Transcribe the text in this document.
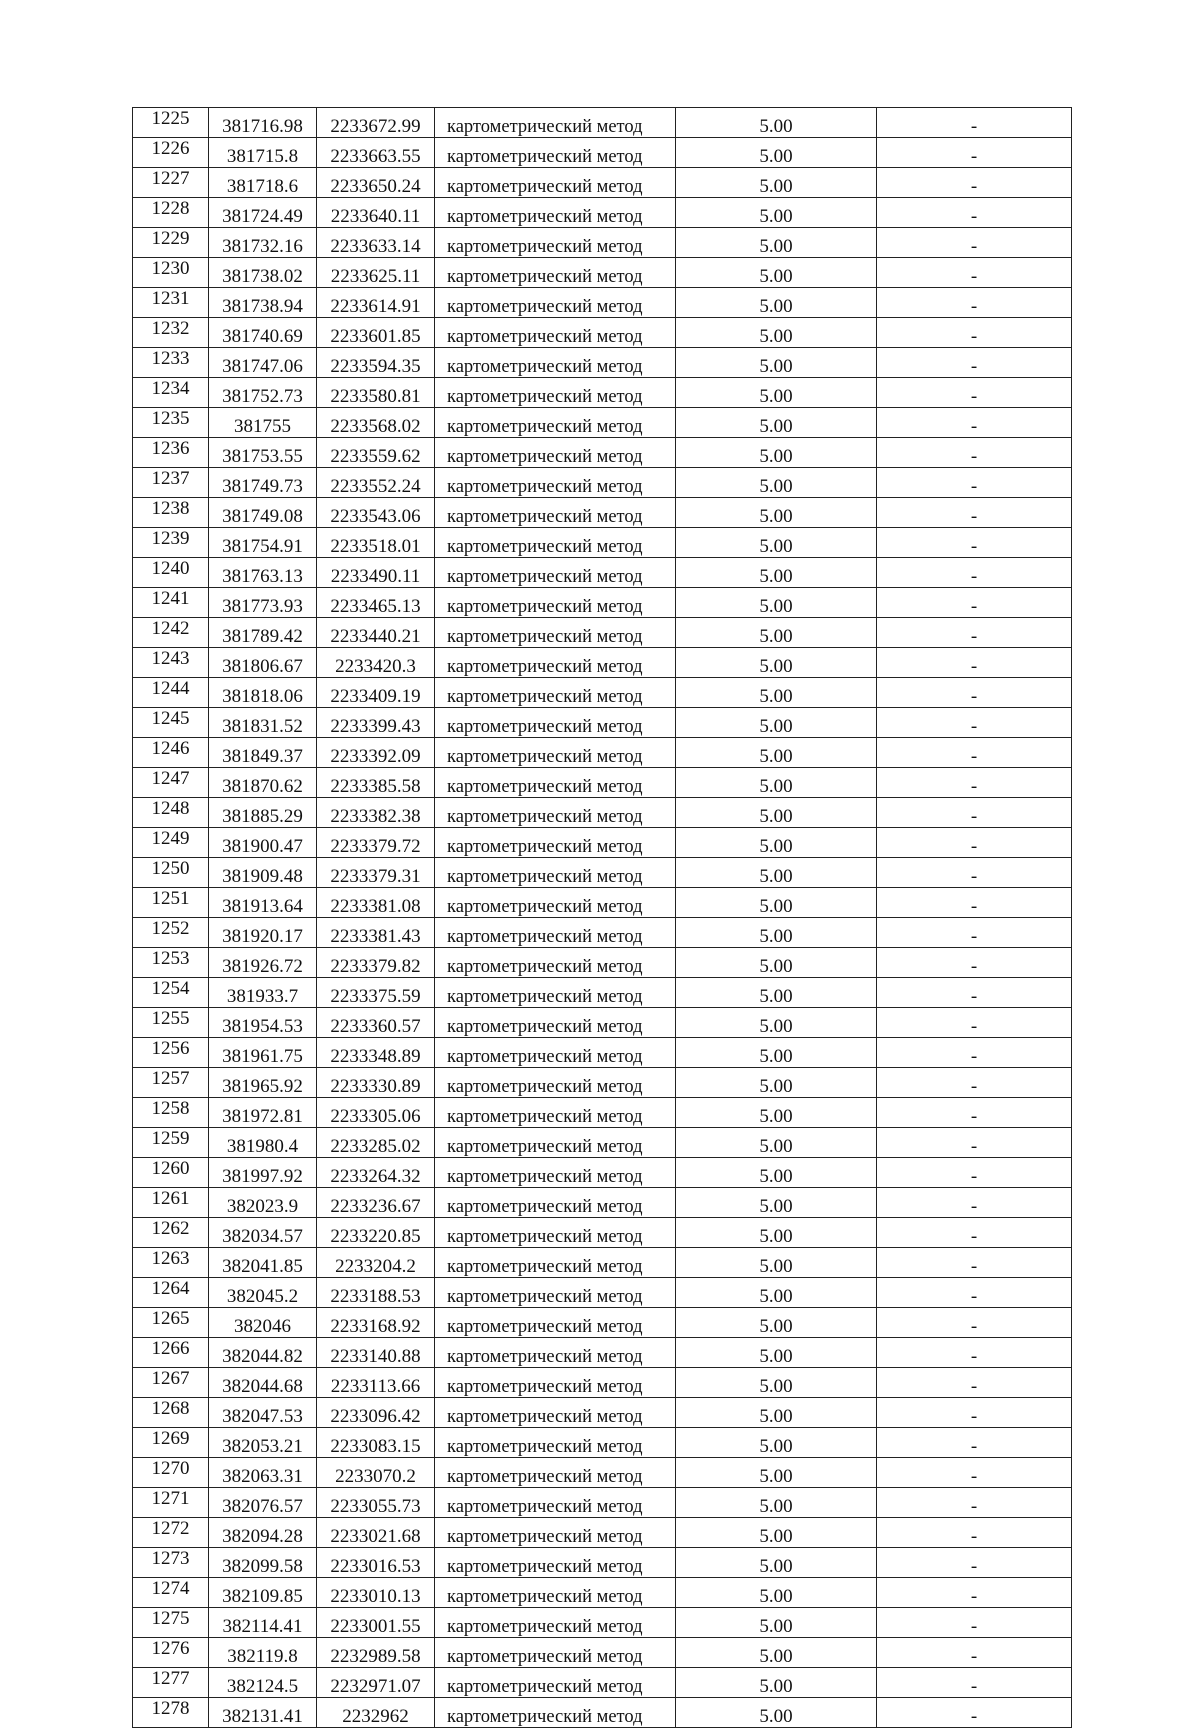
1225	381716.98	2233672.99	картометрический метод	5.00	-
1226	381715.8	2233663.55	картометрический метод	5.00	-
1227	381718.6	2233650.24	картометрический метод	5.00	-
1228	381724.49	2233640.11	картометрический метод	5.00	-
1229	381732.16	2233633.14	картометрический метод	5.00	-
1230	381738.02	2233625.11	картометрический метод	5.00	-
1231	381738.94	2233614.91	картометрический метод	5.00	-
1232	381740.69	2233601.85	картометрический метод	5.00	-
1233	381747.06	2233594.35	картометрический метод	5.00	-
1234	381752.73	2233580.81	картометрический метод	5.00	-
1235	381755	2233568.02	картометрический метод	5.00	-
1236	381753.55	2233559.62	картометрический метод	5.00	-
1237	381749.73	2233552.24	картометрический метод	5.00	-
1238	381749.08	2233543.06	картометрический метод	5.00	-
1239	381754.91	2233518.01	картометрический метод	5.00	-
1240	381763.13	2233490.11	картометрический метод	5.00	-
1241	381773.93	2233465.13	картометрический метод	5.00	-
1242	381789.42	2233440.21	картометрический метод	5.00	-
1243	381806.67	2233420.3	картометрический метод	5.00	-
1244	381818.06	2233409.19	картометрический метод	5.00	-
1245	381831.52	2233399.43	картометрический метод	5.00	-
1246	381849.37	2233392.09	картометрический метод	5.00	-
1247	381870.62	2233385.58	картометрический метод	5.00	-
1248	381885.29	2233382.38	картометрический метод	5.00	-
1249	381900.47	2233379.72	картометрический метод	5.00	-
1250	381909.48	2233379.31	картометрический метод	5.00	-
1251	381913.64	2233381.08	картометрический метод	5.00	-
1252	381920.17	2233381.43	картометрический метод	5.00	-
1253	381926.72	2233379.82	картометрический метод	5.00	-
1254	381933.7	2233375.59	картометрический метод	5.00	-
1255	381954.53	2233360.57	картометрический метод	5.00	-
1256	381961.75	2233348.89	картометрический метод	5.00	-
1257	381965.92	2233330.89	картометрический метод	5.00	-
1258	381972.81	2233305.06	картометрический метод	5.00	-
1259	381980.4	2233285.02	картометрический метод	5.00	-
1260	381997.92	2233264.32	картометрический метод	5.00	-
1261	382023.9	2233236.67	картометрический метод	5.00	-
1262	382034.57	2233220.85	картометрический метод	5.00	-
1263	382041.85	2233204.2	картометрический метод	5.00	-
1264	382045.2	2233188.53	картометрический метод	5.00	-
1265	382046	2233168.92	картометрический метод	5.00	-
1266	382044.82	2233140.88	картометрический метод	5.00	-
1267	382044.68	2233113.66	картометрический метод	5.00	-
1268	382047.53	2233096.42	картометрический метод	5.00	-
1269	382053.21	2233083.15	картометрический метод	5.00	-
1270	382063.31	2233070.2	картометрический метод	5.00	-
1271	382076.57	2233055.73	картометрический метод	5.00	-
1272	382094.28	2233021.68	картометрический метод	5.00	-
1273	382099.58	2233016.53	картометрический метод	5.00	-
1274	382109.85	2233010.13	картометрический метод	5.00	-
1275	382114.41	2233001.55	картометрический метод	5.00	-
1276	382119.8	2232989.58	картометрический метод	5.00	-
1277	382124.5	2232971.07	картометрический метод	5.00	-
1278	382131.41	2232962	картометрический метод	5.00	-
